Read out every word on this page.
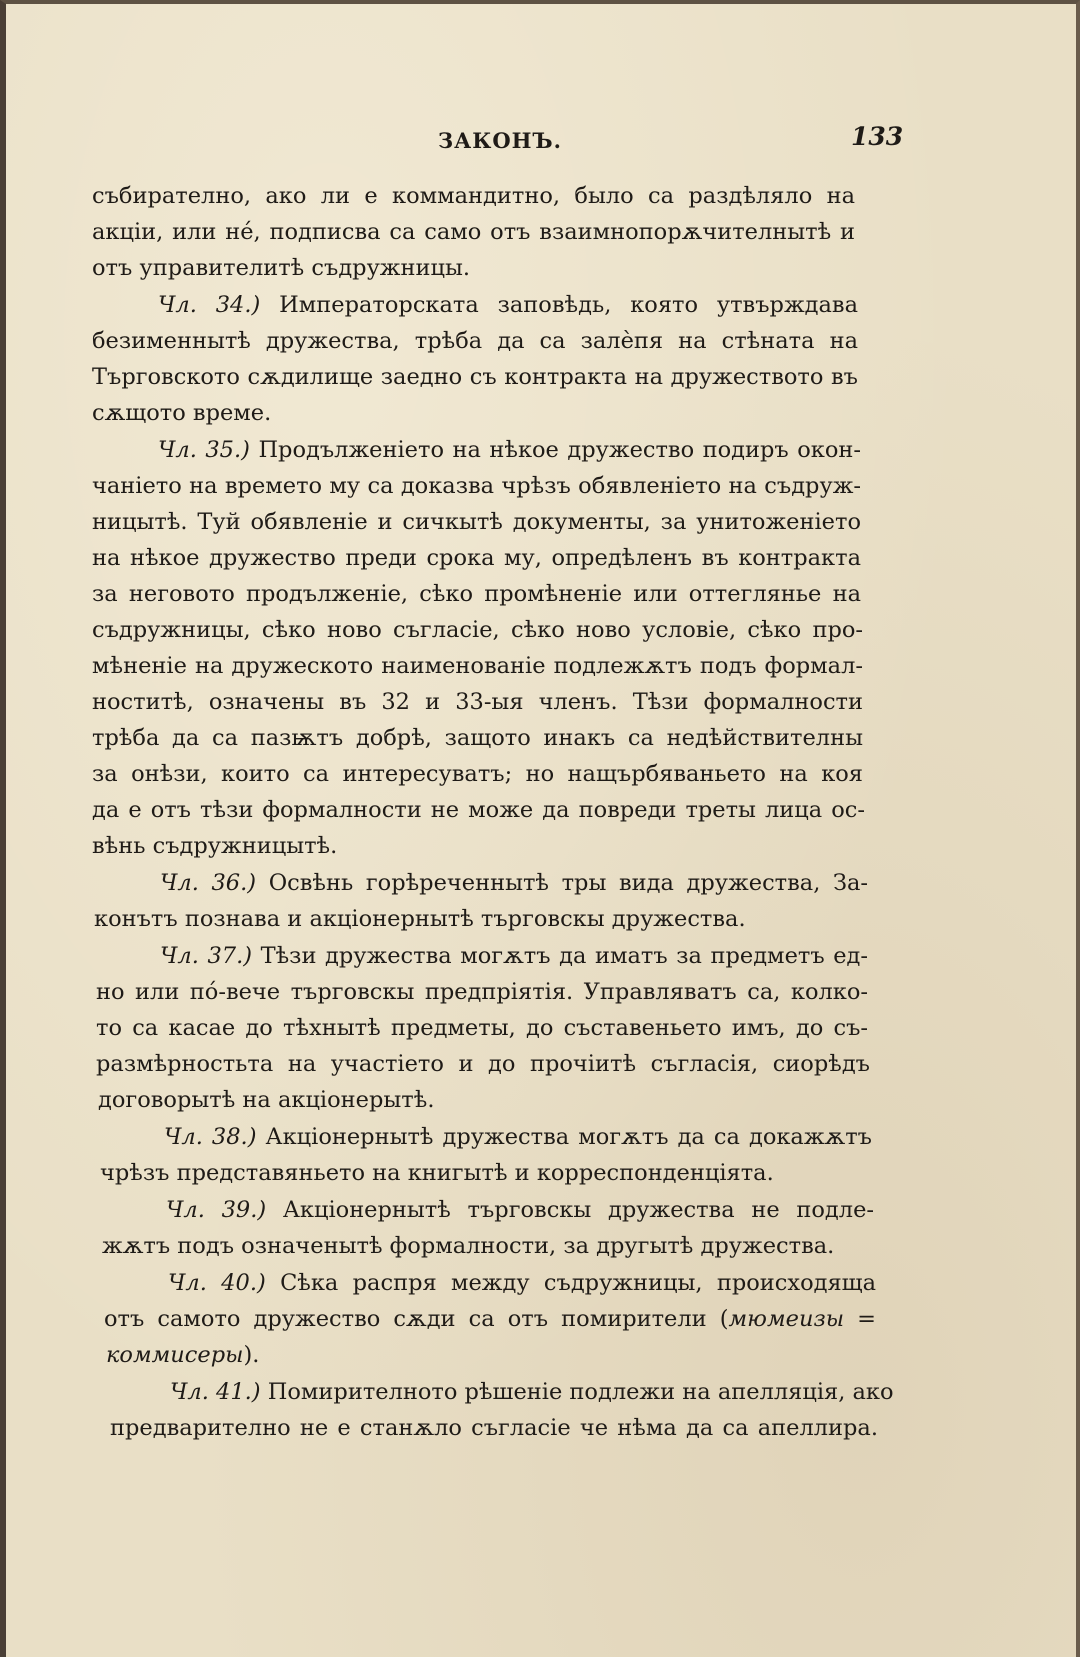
ЗАКОНЪ.	133
събирателно, ако ли е коммандитно, было са раздѣляло на
акціи, или не́, подписва са само отъ взаимнопорѫчителнытѣ и
отъ управителитѣ съдружницы.
Чл. 34.) Императорската заповѣдь, която утвърждава
безименнытѣ дружества, трѣба да са залѐпя на стѣната на
Търговското сѫдилище заедно съ контракта на дружеството въ
сѫщото време.
Чл. 35.) Продълженіето на нѣкое дружество подиръ окон-
чаніето на времето му са доказва чрѣзъ обявленіето на съдруж-
ницытѣ. Туй обявленіе и сичкытѣ документы, за унитоженіето
на нѣкое дружество преди срока му, опредѣленъ въ контракта
за неговото продълженіе, сѣко промѣненіе или оттеглянье на
съдружницы, сѣко ново съгласіе, сѣко ново условіе, сѣко про-
мѣненіе на дружеското наименованіе подлежѫтъ подъ формал-
ноститѣ, означены въ 32 и 33-ыя членъ. Тѣзи формалности
трѣба да са пазѭтъ добрѣ, защото инакъ са недѣйствителны
за онѣзи, които са интересуватъ; но нащърбяваньето на коя
да е отъ тѣзи формалности не може да повреди треты лица ос-
вѣнь съдружницытѣ.
Чл. 36.) Освѣнь горѣреченнытѣ тры вида дружества, За-
конътъ познава и акціонернытѣ търговскы дружества.
Чл. 37.) Тѣзи дружества могѫтъ да иматъ за предметъ ед-
но или по́-вече търговскы предпріятія. Управляватъ са, колко-
то са касае до тѣхнытѣ предметы, до съставеньето имъ, до съ-
размѣрностьта на участіето и до прочіитѣ съгласія, сиорѣдъ
договорытѣ на акціонерытѣ.
Чл. 38.) Акціонернытѣ дружества могѫтъ да са докажѫтъ
чрѣзъ представяньето на книгытѣ и корреспонденціята.
Чл. 39.) Акціонернытѣ търговскы дружества не подле-
жѫтъ подъ означенытѣ формалности, за другытѣ дружества.
Чл. 40.) Сѣка распря между съдружницы, происходяща
отъ самото дружество сѫди са отъ помирители (мюмеизы =
коммисеры).
Чл. 41.) Помирителното рѣшеніе подлежи на апелляція, ако
предварително не е станѫло съгласіе че нѣма да са апеллира.
